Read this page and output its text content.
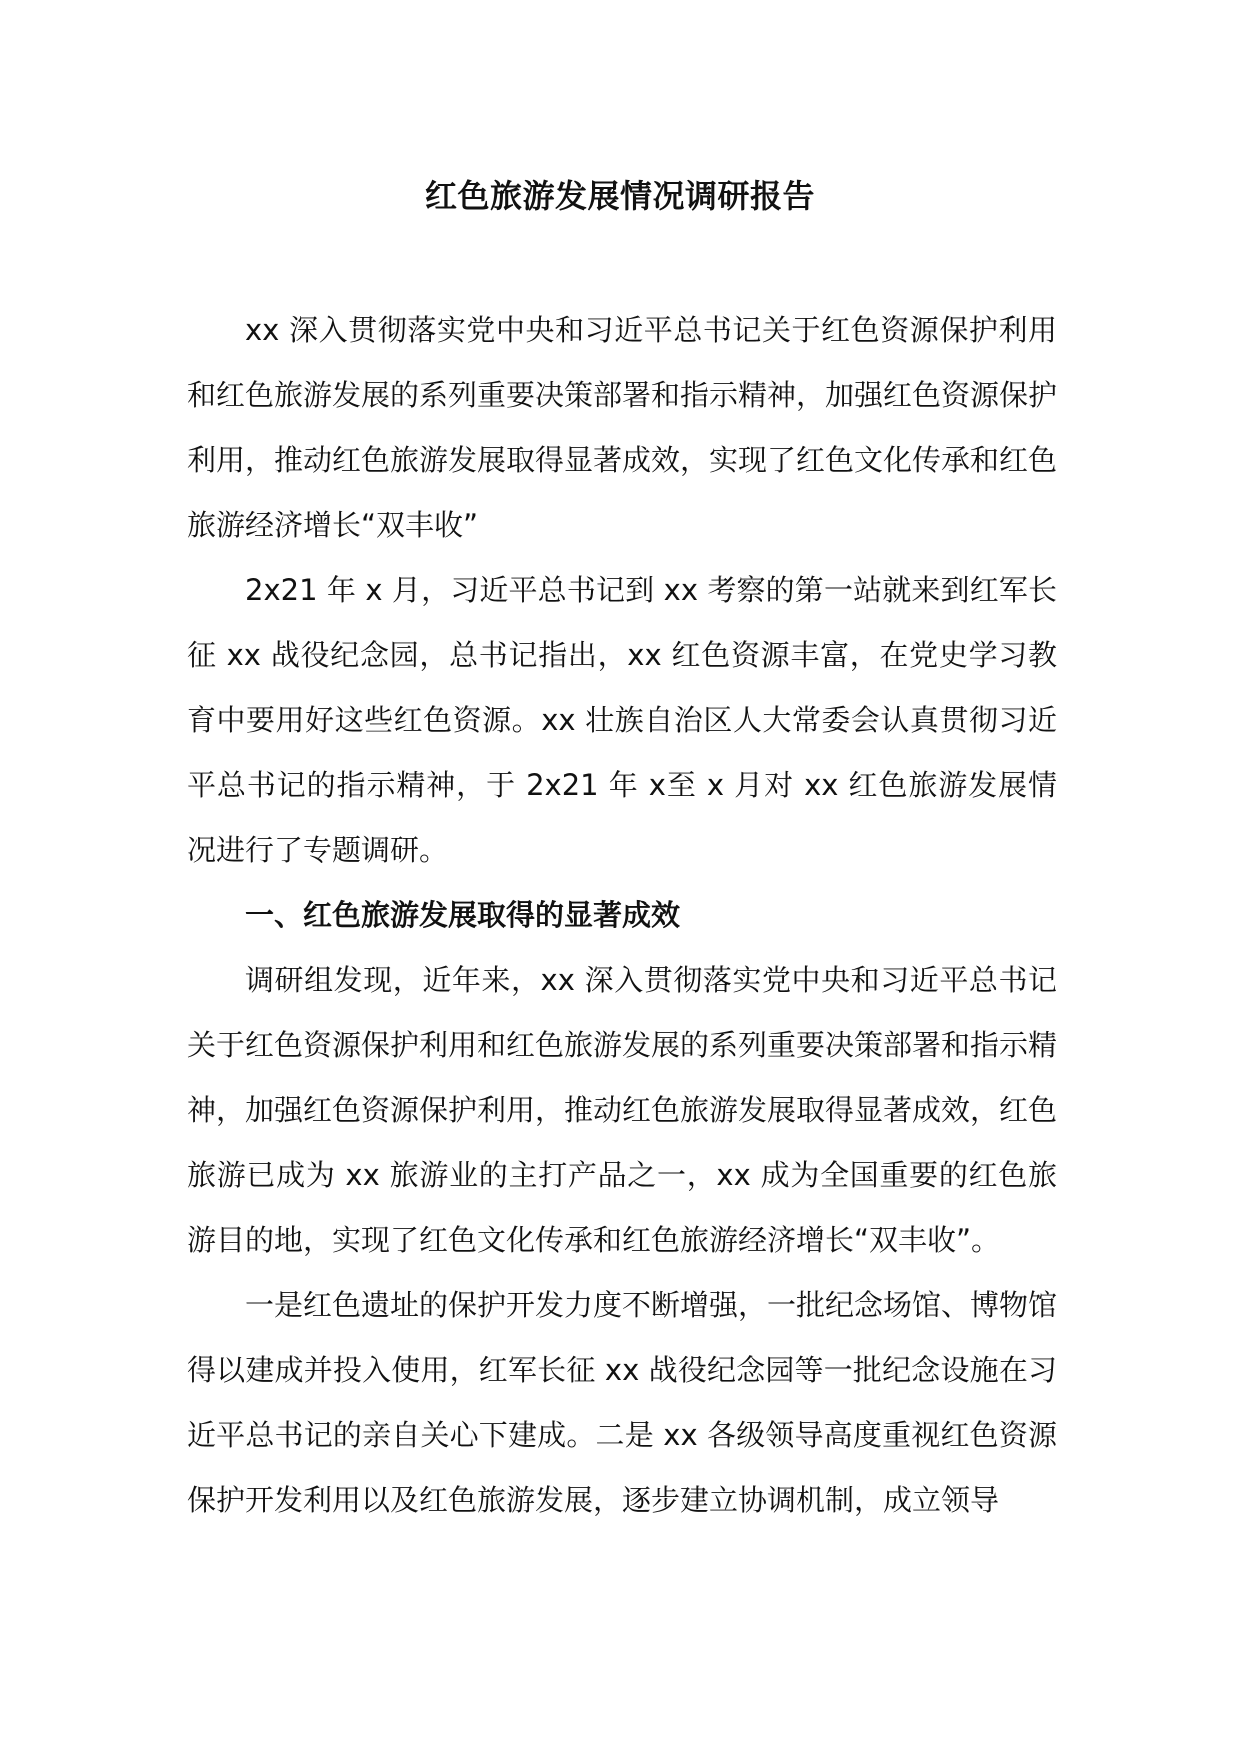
红色旅游发展情况调研报告

xx 深入贯彻落实党中央和习近平总书记关于红色资源保护利用和红色旅游发展的系列重要决策部署和指示精神，加强红色资源保护利用，推动红色旅游发展取得显著成效，实现了红色文化传承和红色旅游经济增长“双丰收”

2x21 年 x 月，习近平总书记到 xx 考察的第一站就来到红军长征 xx 战役纪念园，总书记指出，xx 红色资源丰富，在党史学习教育中要用好这些红色资源。xx 壮族自治区人大常委会认真贯彻习近平总书记的指示精神，于 2x21 年 x至 x 月对 xx 红色旅游发展情况进行了专题调研。

一、红色旅游发展取得的显著成效

调研组发现，近年来，xx 深入贯彻落实党中央和习近平总书记关于红色资源保护利用和红色旅游发展的系列重要决策部署和指示精神，加强红色资源保护利用，推动红色旅游发展取得显著成效，红色旅游已成为 xx 旅游业的主打产品之一，xx 成为全国重要的红色旅游目的地，实现了红色文化传承和红色旅游经济增长“双丰收”。

一是红色遗址的保护开发力度不断增强，一批纪念场馆、博物馆得以建成并投入使用，红军长征 xx 战役纪念园等一批纪念设施在习近平总书记的亲自关心下建成。二是 xx 各级领导高度重视红色资源保护开发利用以及红色旅游发展，逐步建立协调机制，成立领导
